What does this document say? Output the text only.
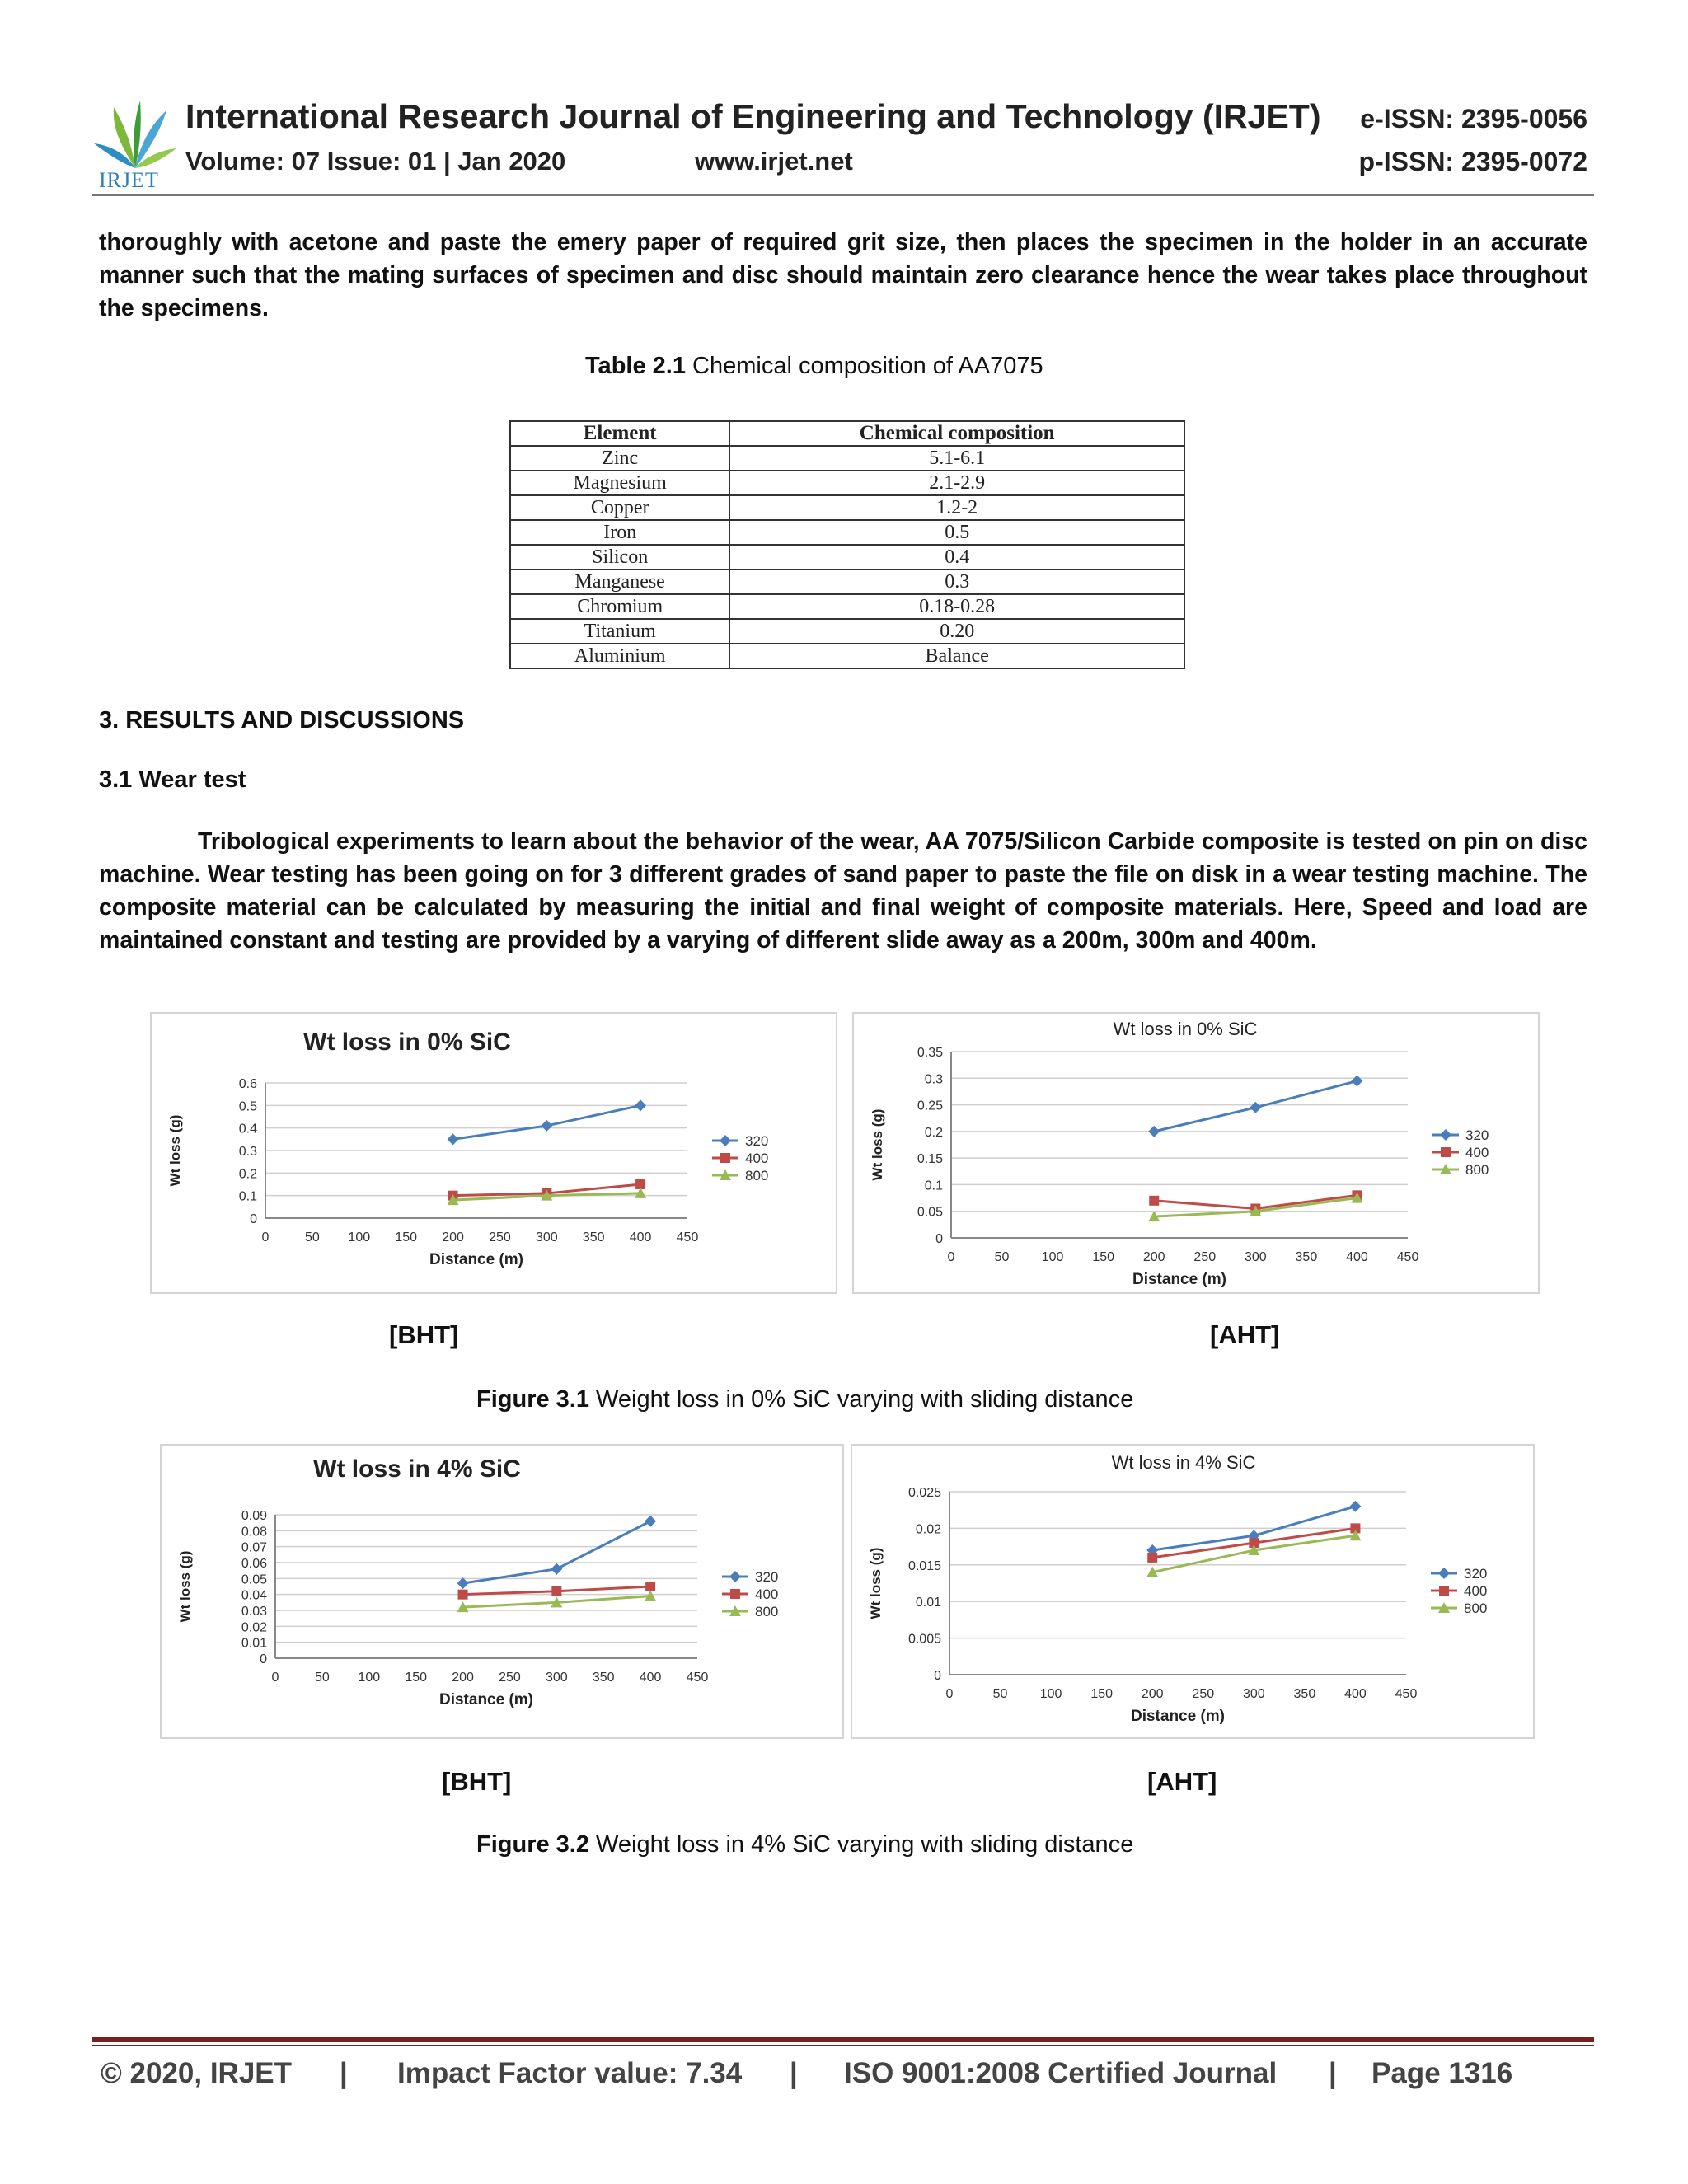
IRJET
International Research Journal of Engineering and Technology (IRJET)
Volume: 07 Issue: 01 | Jan 2020	www.irjet.net
e-ISSN: 2395-0056
p-ISSN: 2395-0072

thoroughly with acetone and paste the emery paper of required grit size, then places the specimen in the holder in an accurate manner such that the mating surfaces of specimen and disc should maintain zero clearance hence the wear takes place throughout the specimens.

Table 2.1 Chemical composition of AA7075
Element	Chemical composition
Zinc	5.1-6.1
Magnesium	2.1-2.9
Copper	1.2-2
Iron	0.5
Silicon	0.4
Manganese	0.3
Chromium	0.18-0.28
Titanium	0.20
Aluminium	Balance
3. RESULTS AND DISCUSSIONS
3.1 Wear test

Tribological experiments to learn about the behavior of the wear, AA 7075/Silicon Carbide composite is tested on pin on disc machine. Wear testing has been going on for 3 different grades of sand paper to paste the file on disk in a wear testing machine. The composite material can be calculated by measuring the initial and final weight of composite materials. Here, Speed and load are maintained constant and testing are provided by a varying of different slide away as a 200m, 300m and 400m.

Wt loss in 0% SiC
0
0.1
0.2
0.3
0.4
0.5
0.6
0	50 100 150 200 250 300 350 400 450
Distance (m)
Wt loss (g)	320
400
800
Wt loss in 0% SiC
0
0.05
0.1
0.15
0.2
0.25
0.3
0.35
0	50 100 150 200 250 300 350 400 450
Distance (m)
Wt loss (g)	320
400
800
[BHT]	[AHT]
Figure 3.1 Weight loss in 0% SiC varying with sliding distance
Wt loss in 4% SiC
0
0.01
0.02
0.03
0.04
0.05
0.06
0.07
0.08
0.09
0	50 100 150 200 250 300 350 400 450
Distance (m)
Wt loss (g)	320
400
800
Wt loss in 4% SiC
0
0.005
0.01
0.015
0.02
0.025
0	50 100 150 200 250 300 350 400 450
Distance (m)
Wt loss (g)	320
400
800
[BHT]	[AHT]
Figure 3.2 Weight loss in 4% SiC varying with sliding distance
© 2020, IRJET | Impact Factor value: 7.34 | ISO 9001:2008 Certified Journal | Page 1316
